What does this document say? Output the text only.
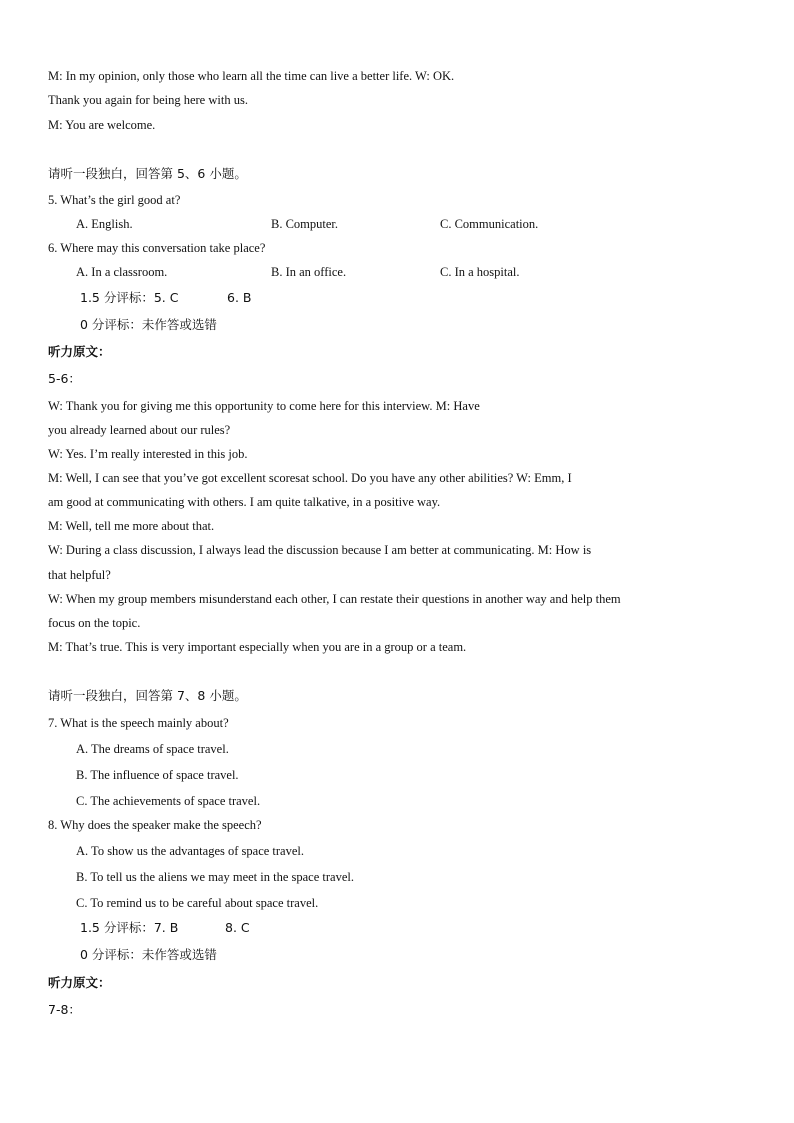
M: In my opinion, only those who learn all the time can live a better life. W: OK.
Thank you again for being here with us.
M: You are welcome.
请听一段独白，回答第 5、6 小题。
5. What’s the girl good at?
A. English.	B. Computer.	C. Communication.
6. Where may this conversation take place?
A. In a classroom.	B. In an office.	C. In a hospital.
1.5 分评标：5. C	6. B
0 分评标：未作答或选错
听力原文：
5-6：
W: Thank you for giving me this opportunity to come here for this interview. M: Have
you already learned about our rules?
W: Yes. I’m really interested in this job.
M: Well, I can see that you’ve got excellent scoresat school. Do you have any other abilities? W: Emm, I
am good at communicating with others. I am quite talkative, in a positive way.
M: Well, tell me more about that.
W: During a class discussion, I always lead the discussion because I am better at communicating. M: How is
that helpful?
W: When my group members misunderstand each other, I can restate their questions in another way and help them
focus on the topic.
M: That’s true. This is very important especially when you are in a group or a team.
请听一段独白，回答第 7、8 小题。
7. What is the speech mainly about?
A. The dreams of space travel.
B. The influence of space travel.
C. The achievements of space travel.
8. Why does the speaker make the speech?
A. To show us the advantages of space travel.
B. To tell us the aliens we may meet in the space travel.
C. To remind us to be careful about space travel.
1.5 分评标：7. B	8. C
0 分评标：未作答或选错
听力原文：
7-8：
